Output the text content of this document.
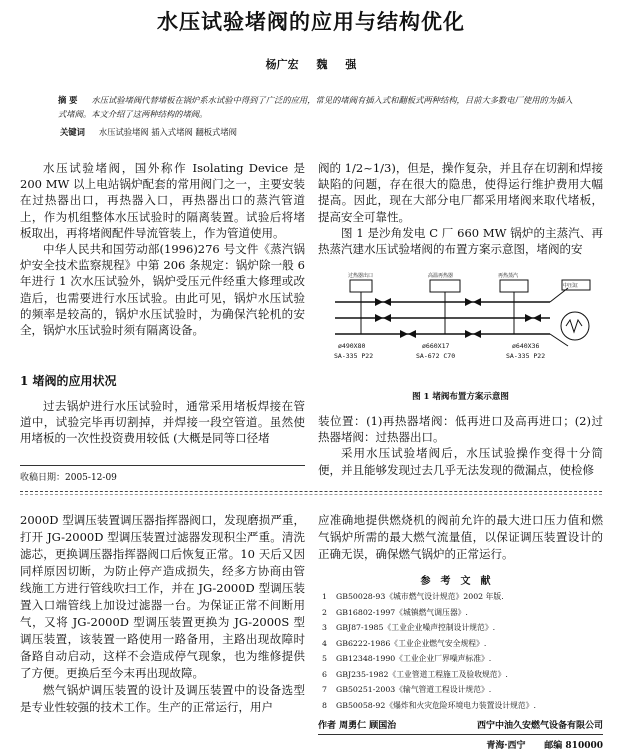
水压试验堵阀的应用与结构优化
杨广宏 魏 强
摘 要 水压试验堵阀代替堵板在锅炉系水试验中得到了广泛的应用，常见的堵阀有插入式和翻板式两种结构，目前大多数电厂使用的为插入式堵阀。本文介绍了这两种结构的堵阀。
关键词 水压试验堵阀 插入式堵阀 翻板式堵阀

水压试验堵阀，国外称作 Isolating Device 是 200 MW 以上电站锅炉配套的常用阀门之一，主要安装在过热器出口，再热器入口，再热器出口的蒸汽管道上，作为机组整体水压试验时的隔离装置。试验后将堵板取出，再将堵阀配件导流管装上，作为管道使用。

中华人民共和国劳动部(1996)276 号文件《蒸汽锅炉安全技术监察规程》中第 206 条规定：锅炉除一般 6 年进行 1 次水压试验外，锅炉受压元件经重大修理或改造后，也需要进行水压试验。由此可见，锅炉水压试验的频率是较高的，锅炉水压试验时，为确保汽轮机的安全，锅炉水压试验时须有隔离设备。

阀的 1/2~1/3)，但是，操作复杂，并且存在切割和焊接缺陷的问题，存在很大的隐患，使得运行维护费用大幅提高。因此，现在大部分电厂都采用堵阀来取代堵板，提高安全可靠性。

图 1 是沙角发电 C 厂 660 MW 锅炉的主蒸汽、再热蒸汽建水压试验堵阀的布置方案示意图，堵阀的安

1 堵阀的应用状况

过去锅炉进行水压试验时，通常采用堵板焊接在管道中，试验完毕再切割掉，并焊接一段空管道。虽然使用堵板的一次性投资费用较低 (大概是同等口径堵

过热器出口	高温再热器	再热蒸汽
中压缸
ø490X80
SA-335 P22
ø660X17
SA-672 C70
ø640X36
SA-335 P22
图 1 堵阀布置方案示意图

装位置：(1)再热器堵阀：低再进口及高再进口；(2)过热器堵阀：过热器出口。

采用水压试验堵阀后，水压试验操作变得十分简便，并且能够发现过去几乎无法发现的微漏点，使检修

收稿日期：2005-12-09

2000D 型调压装置调压器指挥器阀口，发现磨损严重，打开 JG-2000D 型调压装置过滤器发现积尘严重。清洗滤芯，更换调压器指挥器阀口后恢复正常。10 天后又因同样原因切断，为防止停产造成损失，经多方协商由管线施工方进行管线吹扫工作，并在 JG-2000D 型调压装置入口端管线上加设过滤器一台。为保证正常不间断用气，又将 JG-2000D 型调压装置更换为 JG-2000S 型调压装置，该装置一路使用一路备用，主路出现故障时备路自动启动，这样不会造成停气现象，也为维修提供了方便。更换后至今末再出现故障。

燃气锅炉调压装置的设计及调压装置中的设备选型是专业性较强的技术工作。生产的正常运行，用户

应准确地提供燃烧机的阀前允许的最大进口压力值和燃气锅炉所需的最大燃气流量值，以保证调压装置设计的正确无误，确保燃气锅炉的正常运行。

参考文献
1 GB50028-93《城市燃气设计规范》2002 年版.
2 GB16802-1997《城镇燃气调压器》.
3 GBJ87-1985《工业企业噪声控制设计规范》.
4 GB6222-1986《工业企业燃气安全规程》.
5 GB12348-1990《工业企业厂界噪声标准》.
6 GBJ235-1982《工业管道工程施工及验收规范》.
7 GB50251-2003《输气管道工程设计规范》.
8 GB50058-92《爆炸和火灾危险环境电力装置设计规范》.
作者 周勇仁 顾国治	西宁中油久安燃气设备有限公司
青海·西宁 邮编 810000
